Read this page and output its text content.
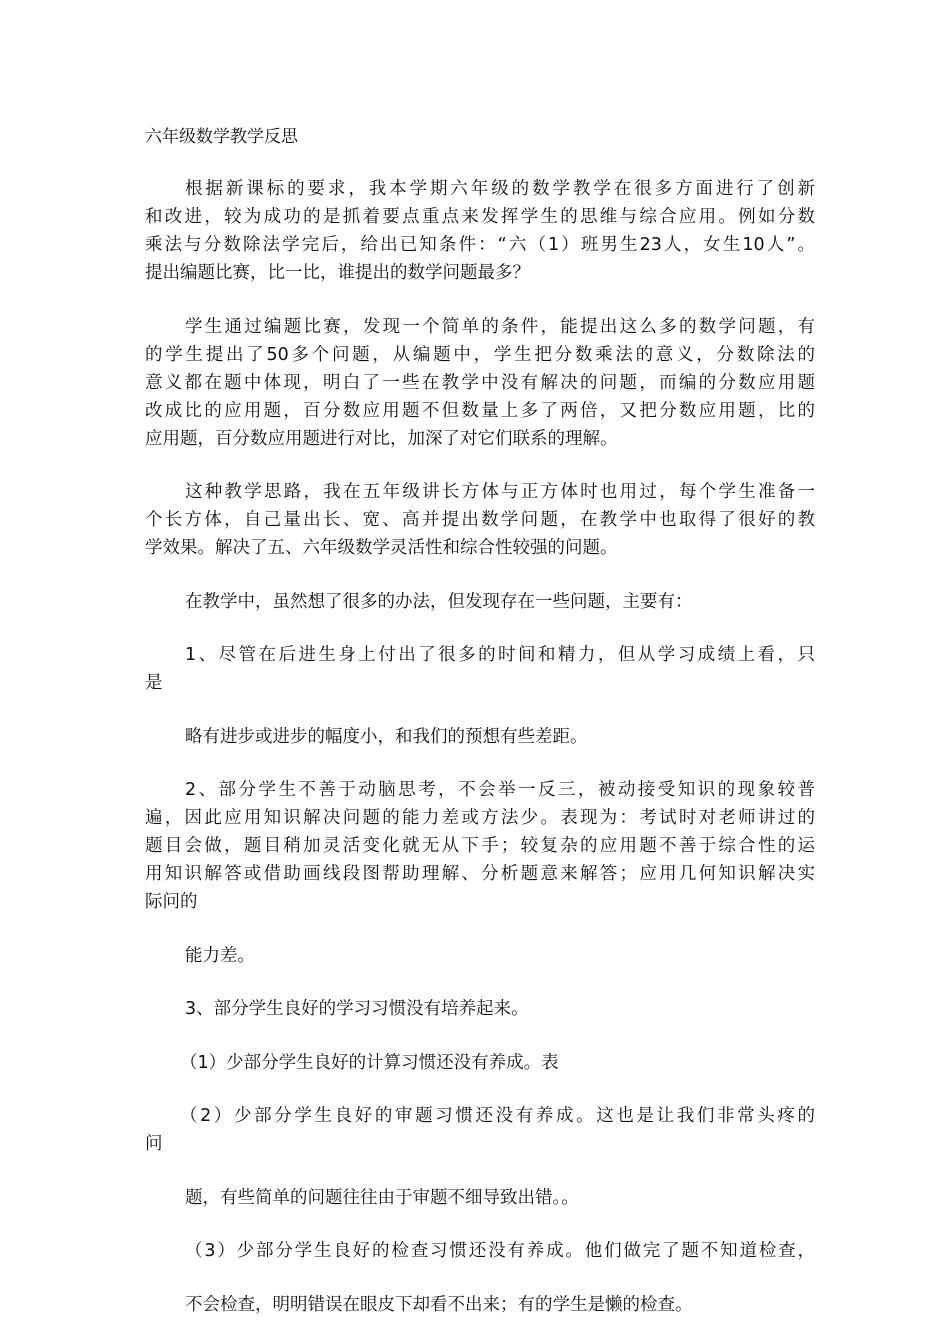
六年级数学教学反思
根据新课标的要求，我本学期六年级的数学教学在很多方面进行了创新
和改进，较为成功的是抓着要点重点来发挥学生的思维与综合应用。例如分数
乘法与分数除法学完后，给出已知条件：“六（1）班男生23人，女生10人”。
提出编题比赛，比一比，谁提出的数学问题最多？
学生通过编题比赛，发现一个简单的条件，能提出这么多的数学问题，有
的学生提出了50多个问题，从编题中，学生把分数乘法的意义，分数除法的
意义都在题中体现，明白了一些在教学中没有解决的问题，而编的分数应用题
改成比的应用题，百分数应用题不但数量上多了两倍，又把分数应用题，比的
应用题，百分数应用题进行对比，加深了对它们联系的理解。
这种教学思路，我在五年级讲长方体与正方体时也用过，每个学生准备一
个长方体，自己量出长、宽、高并提出数学问题，在教学中也取得了很好的教
学效果。解决了五、六年级数学灵活性和综合性较强的问题。
在教学中，虽然想了很多的办法，但发现存在一些问题，主要有：
1、尽管在后进生身上付出了很多的时间和精力，但从学习成绩上看，只
是
略有进步或进步的幅度小，和我们的预想有些差距。
2、部分学生不善于动脑思考，不会举一反三，被动接受知识的现象较普
遍，因此应用知识解决问题的能力差或方法少。表现为：考试时对老师讲过的
题目会做，题目稍加灵活变化就无从下手；较复杂的应用题不善于综合性的运
用知识解答或借助画线段图帮助理解、分析题意来解答；应用几何知识解决实
际问的
能力差。
3、部分学生良好的学习习惯没有培养起来。
（1）少部分学生良好的计算习惯还没有养成。表
（2）少部分学生良好的审题习惯还没有养成。这也是让我们非常头疼的
问
题，有些简单的问题往往由于审题不细导致出错。。
（3）少部分学生良好的检查习惯还没有养成。他们做完了题不知道检查，
不会检查，明明错误在眼皮下却看不出来；有的学生是懒的检查。
